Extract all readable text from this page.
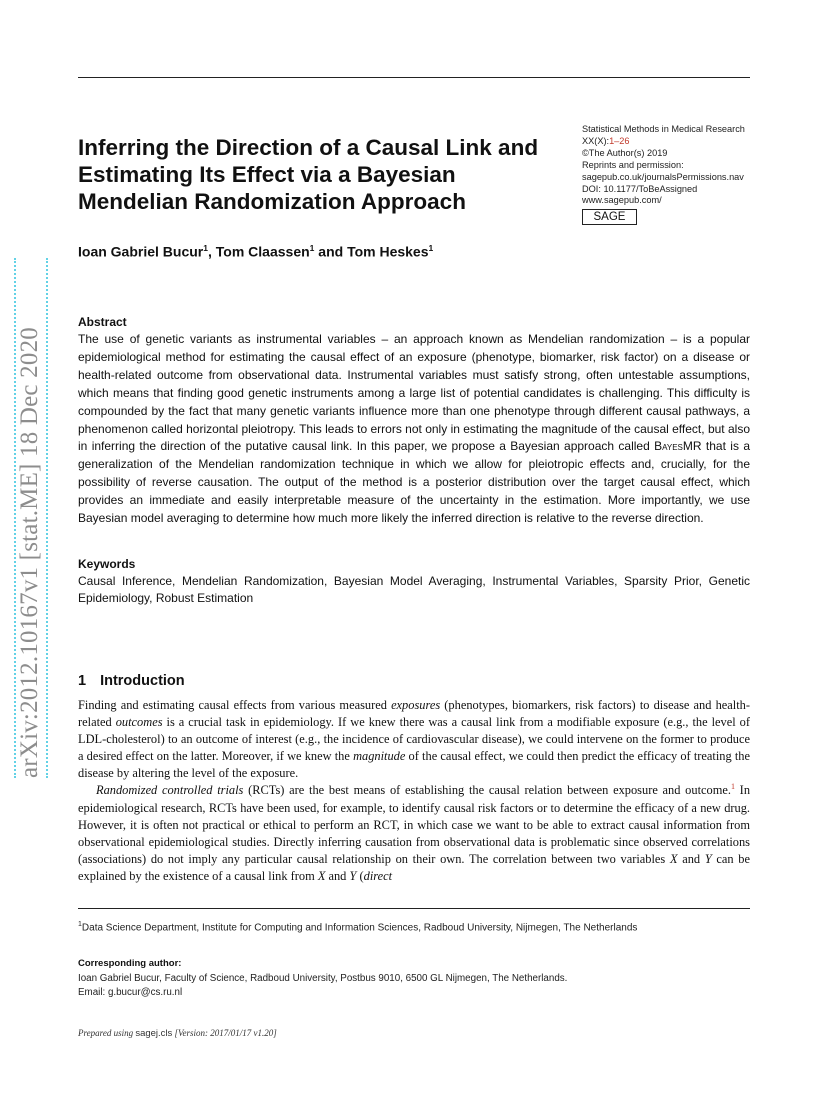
arXiv:2012.10167v1 [stat.ME] 18 Dec 2020
Inferring the Direction of a Causal Link and Estimating Its Effect via a Bayesian Mendelian Randomization Approach
Statistical Methods in Medical Research
XX(X):1–26
©The Author(s) 2019
Reprints and permission:
sagepub.co.uk/journalsPermissions.nav
DOI: 10.1177/ToBeAssigned
www.sagepub.com/
SAGE
Ioan Gabriel Bucur$^1$, Tom Claassen$^1$ and Tom Heskes$^1$
Abstract
The use of genetic variants as instrumental variables – an approach known as Mendelian randomization – is a popular epidemiological method for estimating the causal effect of an exposure (phenotype, biomarker, risk factor) on a disease or health-related outcome from observational data. Instrumental variables must satisfy strong, often untestable assumptions, which means that finding good genetic instruments among a large list of potential candidates is challenging. This difficulty is compounded by the fact that many genetic variants influence more than one phenotype through different causal pathways, a phenomenon called horizontal pleiotropy. This leads to errors not only in estimating the magnitude of the causal effect, but also in inferring the direction of the putative causal link. In this paper, we propose a Bayesian approach called BayesMR that is a generalization of the Mendelian randomization technique in which we allow for pleiotropic effects and, crucially, for the possibility of reverse causation. The output of the method is a posterior distribution over the target causal effect, which provides an immediate and easily interpretable measure of the uncertainty in the estimation. More importantly, we use Bayesian model averaging to determine how much more likely the inferred direction is relative to the reverse direction.
Keywords
Causal Inference, Mendelian Randomization, Bayesian Model Averaging, Instrumental Variables, Sparsity Prior, Genetic Epidemiology, Robust Estimation
1 Introduction

Finding and estimating causal effects from various measured exposures (phenotypes, biomarkers, risk factors) to disease and health-related outcomes is a crucial task in epidemiology. If we knew there was a causal link from a modifiable exposure (e.g., the level of LDL-cholesterol) to an outcome of interest (e.g., the incidence of cardiovascular disease), we could intervene on the former to produce a desired effect on the latter. Moreover, if we knew the magnitude of the causal effect, we could then predict the efficacy of treating the disease by altering the level of the exposure.

Randomized controlled trials (RCTs) are the best means of establishing the causal relation between exposure and outcome.$^1$ In epidemiological research, RCTs have been used, for example, to identify causal risk factors or to determine the efficacy of a new drug. However, it is often not practical or ethical to perform an RCT, in which case we want to be able to extract causal information from observational epidemiological studies. Directly inferring causation from observational data is problematic since observed correlations (associations) do not imply any particular causal relationship on their own. The correlation between two variables X and Y can be explained by the existence of a causal link from X and Y (direct

$^1$Data Science Department, Institute for Computing and Information Sciences, Radboud University, Nijmegen, The Netherlands
Corresponding author:
Ioan Gabriel Bucur, Faculty of Science, Radboud University, Postbus 9010, 6500 GL Nijmegen, The Netherlands.
Email: g.bucur@cs.ru.nl
Prepared using sagej.cls [Version: 2017/01/17 v1.20]
